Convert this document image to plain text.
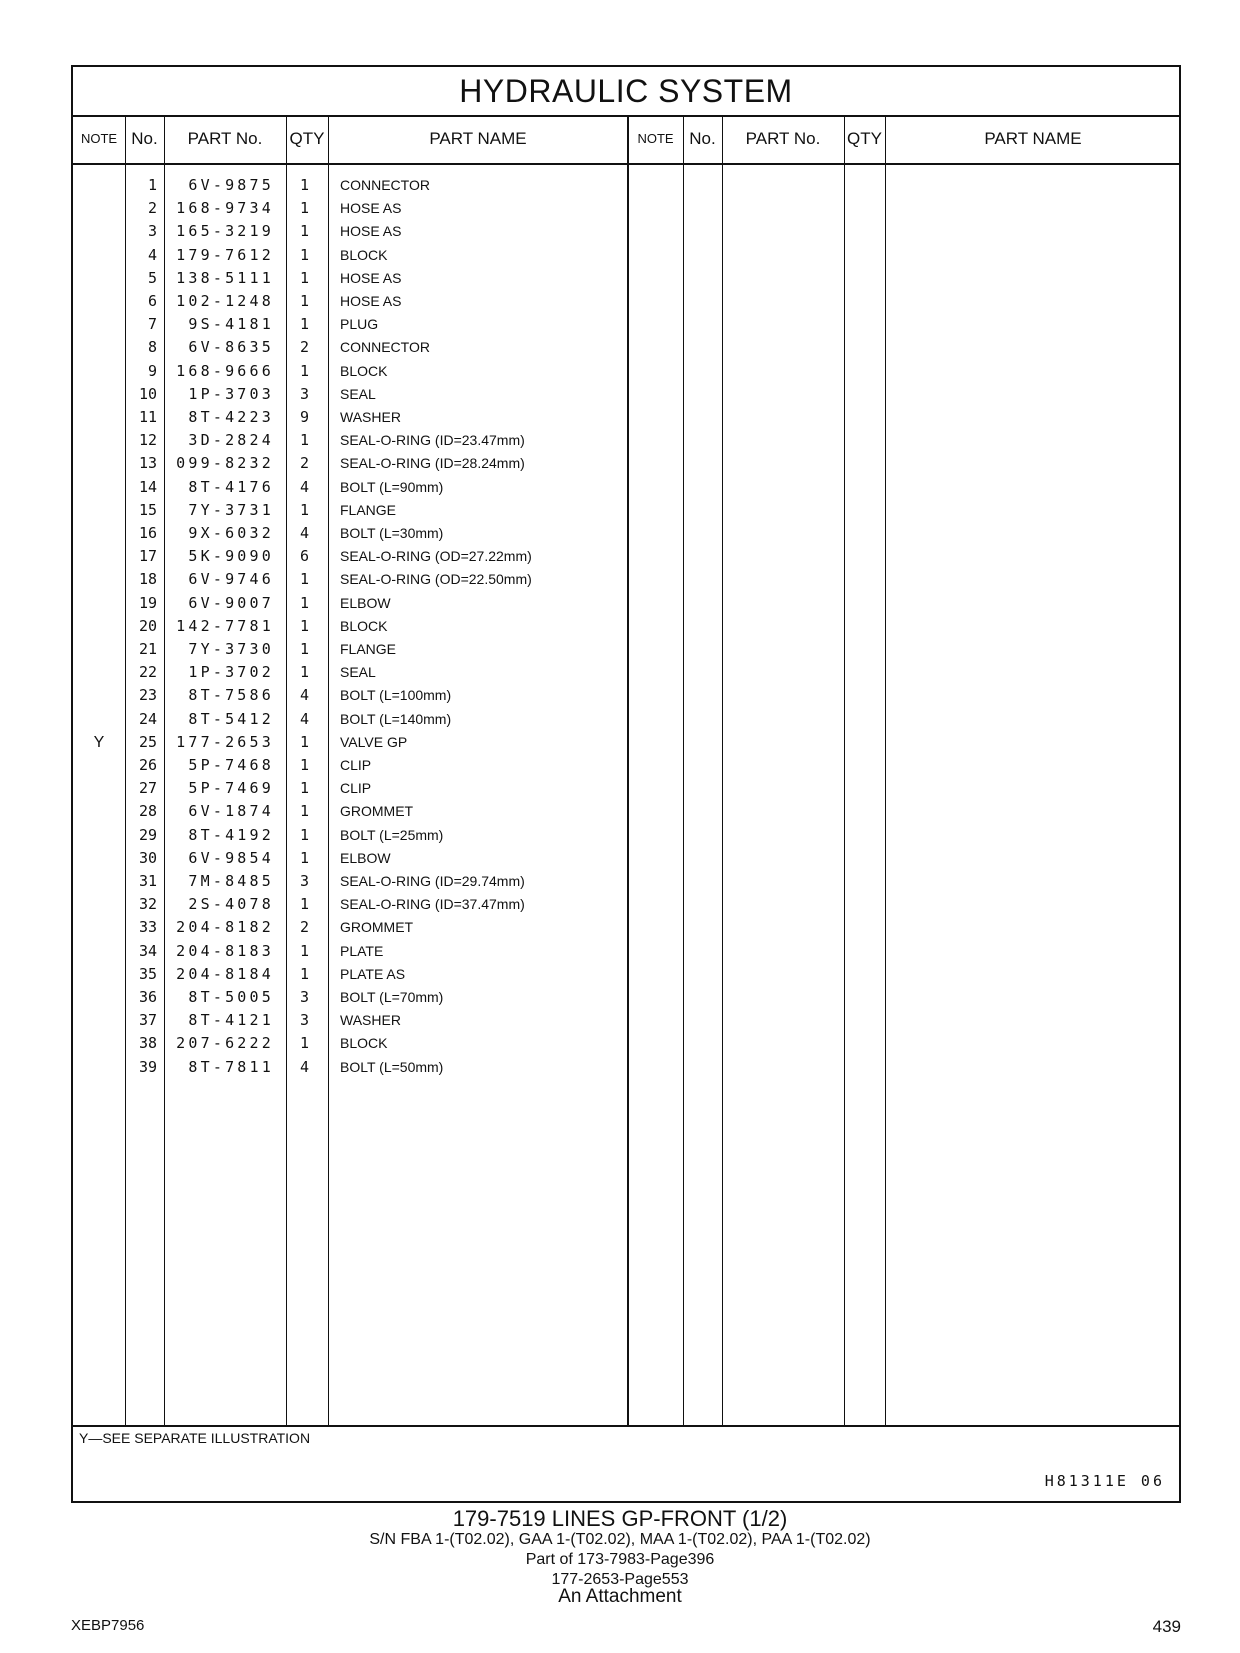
HYDRAULIC SYSTEM
NOTE No.	PART No.	QTY	PART NAME	NOTE No.	PART No.	QTY	PART NAME
1	6V-9875	1 CONNECTOR
2	168-9734	1 HOSE AS
3	165-3219	1 HOSE AS
4	179-7612	1 BLOCK
5	138-5111	1 HOSE AS
6	102-1248	1 HOSE AS
7	9S-4181	1 PLUG
8	6V-8635	2 CONNECTOR
9	168-9666	1 BLOCK
10	1P-3703	3 SEAL
11	8T-4223	9 WASHER
12	3D-2824	1 SEAL-O-RING (ID=23.47mm)
13	099-8232	2 SEAL-O-RING (ID=28.24mm)
14	8T-4176	4 BOLT (L=90mm)
15	7Y-3731	1 FLANGE
16	9X-6032	4 BOLT (L=30mm)
17	5K-9090	6 SEAL-O-RING (OD=27.22mm)
18	6V-9746	1 SEAL-O-RING (OD=22.50mm)
19	6V-9007	1 ELBOW
20	142-7781	1 BLOCK
21	7Y-3730	1 FLANGE
22	1P-3702	1 SEAL
23	8T-7586	4 BOLT (L=100mm)
24	8T-5412	4 BOLT (L=140mm)
Y	25	177-2653	1 VALVE GP
26	5P-7468	1 CLIP
27	5P-7469	1 CLIP
28	6V-1874	1 GROMMET
29	8T-4192	1 BOLT (L=25mm)
30	6V-9854	1 ELBOW
31	7M-8485	3 SEAL-O-RING (ID=29.74mm)
32	2S-4078	1 SEAL-O-RING (ID=37.47mm)
33	204-8182	2 GROMMET
34	204-8183	1 PLATE
35	204-8184	1 PLATE AS
36	8T-5005	3 BOLT (L=70mm)
37	8T-4121	3 WASHER
38	207-6222	1 BLOCK
39	8T-7811	4 BOLT (L=50mm)
Y—SEE SEPARATE ILLUSTRATION
H81311E 06
179-7519 LINES GP-FRONT (1/2)
S/N FBA 1-(T02.02), GAA 1-(T02.02), MAA 1-(T02.02), PAA 1-(T02.02)
Part of 173-7983-Page396
177-2653-Page553
An Attachment
XEBP7956	439
